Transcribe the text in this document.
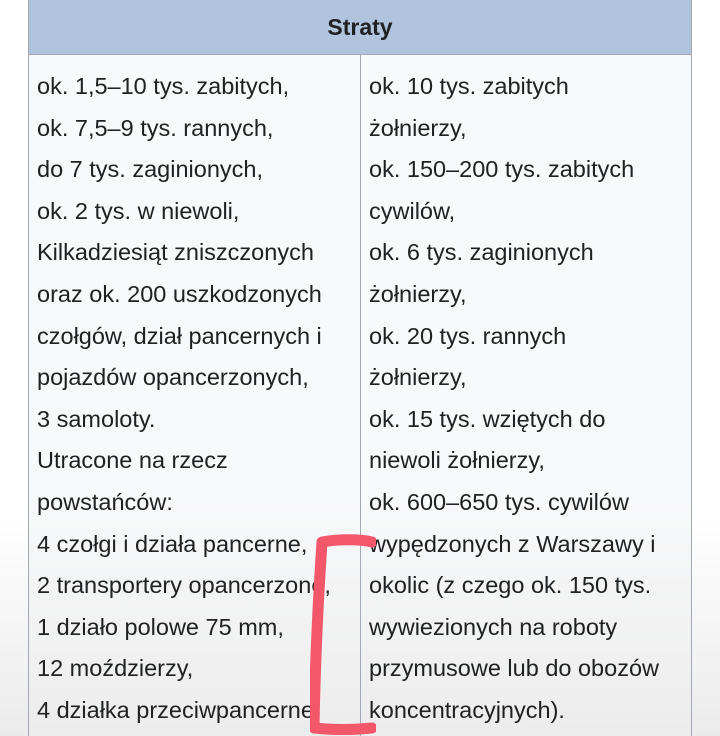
Straty
ok. 1,5–10 tys. zabitych,
ok. 7,5–9 tys. rannych,
do 7 tys. zaginionych,
ok. 2 tys. w niewoli,
Kilkadziesiąt zniszczonych
oraz ok. 200 uszkodzonych
czołgów, dział pancernych i
pojazdów opancerzonych,
3 samoloty.
Utracone na rzecz
powstańców:
4 czołgi i działa pancerne,
2 transportery opancerzone,
1 działo polowe 75 mm,
12 moździerzy,
4 działka przeciwpancerne.
ok. 10 tys. zabitych
żołnierzy,
ok. 150–200 tys. zabitych
cywilów,
ok. 6 tys. zaginionych
żołnierzy,
ok. 20 tys. rannych
żołnierzy,
ok. 15 tys. wziętych do
niewoli żołnierzy,
ok. 600–650 tys. cywilów
wypędzonych z Warszawy i
okolic (z czego ok. 150 tys.
wywiezionych na roboty
przymusowe lub do obozów
koncentracyjnych).
